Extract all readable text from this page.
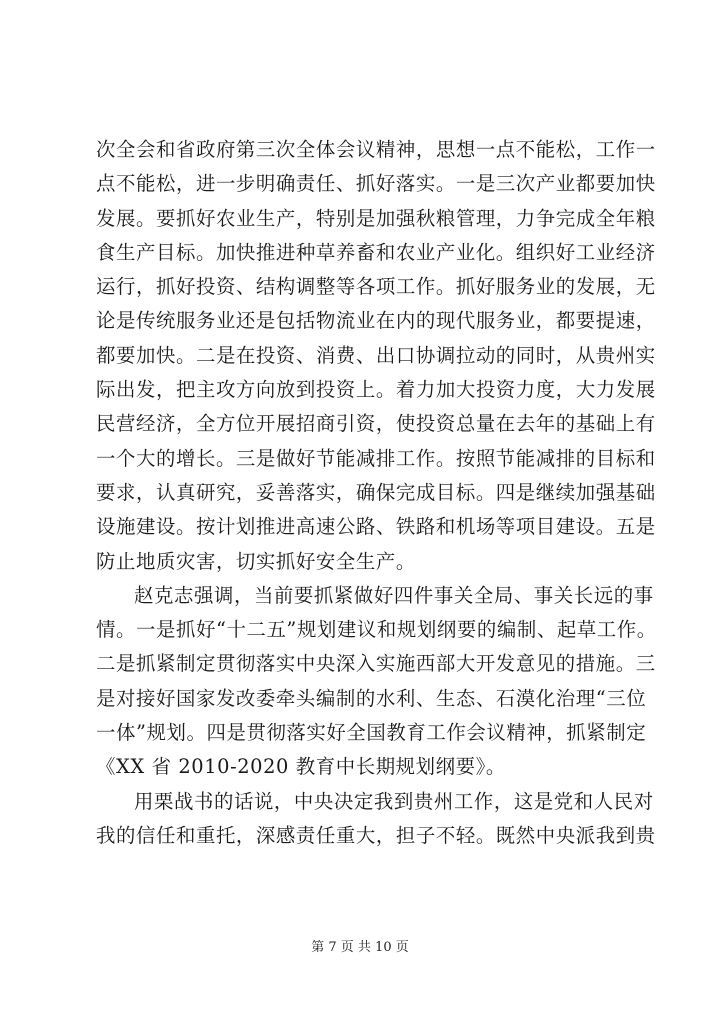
次全会和省政府第三次全体会议精神，思想一点不能松，工作一
点不能松，进一步明确责任、抓好落实。一是三次产业都要加快
发展。要抓好农业生产，特别是加强秋粮管理，力争完成全年粮
食生产目标。加快推进种草养畜和农业产业化。组织好工业经济
运行，抓好投资、结构调整等各项工作。抓好服务业的发展，无
论是传统服务业还是包括物流业在内的现代服务业，都要提速，
都要加快。二是在投资、消费、出口协调拉动的同时，从贵州实
际出发，把主攻方向放到投资上。着力加大投资力度，大力发展
民营经济，全方位开展招商引资，使投资总量在去年的基础上有
一个大的增长。三是做好节能减排工作。按照节能减排的目标和
要求，认真研究，妥善落实，确保完成目标。四是继续加强基础
设施建设。按计划推进高速公路、铁路和机场等项目建设。五是
防止地质灾害，切实抓好安全生产。
赵克志强调，当前要抓紧做好四件事关全局、事关长远的事
情。一是抓好“十二五”规划建议和规划纲要的编制、起草工作。
二是抓紧制定贯彻落实中央深入实施西部大开发意见的措施。三
是对接好国家发改委牵头编制的水利、生态、石漠化治理“三位
一体”规划。四是贯彻落实好全国教育工作会议精神，抓紧制定
《XX 省 2010-2020 教育中长期规划纲要》。
用栗战书的话说，中央决定我到贵州工作，这是党和人民对
我的信任和重托，深感责任重大，担子不轻。既然中央派我到贵
第 7 页 共 10 页
